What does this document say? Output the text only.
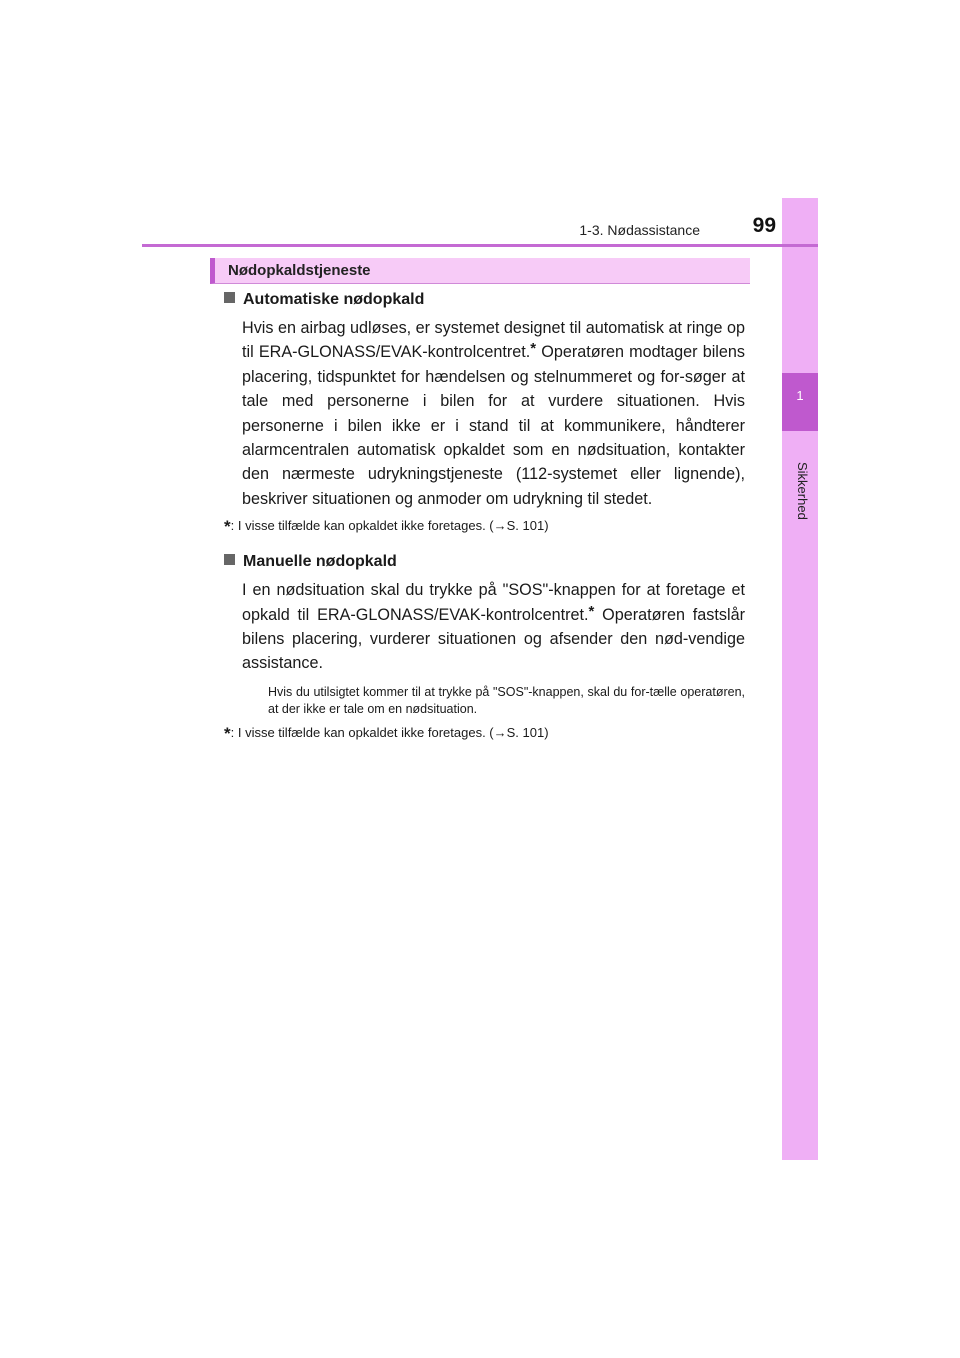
1
Sikkerhed
1-3. Nødassistance	99
Nødopkaldstjeneste
Automatiske nødopkald

Hvis en airbag udløses, er systemet designet til automatisk at ringe op til ERA-GLONASS/EVAK-kontrolcentret.* Operatøren modtager bilens placering, tidspunktet for hændelsen og stelnummeret og for-søger at tale med personerne i bilen for at vurdere situationen. Hvis personerne i bilen ikke er i stand til at kommunikere, håndterer alarmcentralen automatisk opkaldet som en nødsituation, kontakter den nærmeste udrykningstjeneste (112-systemet eller lignende), beskriver situationen og anmoder om udrykning til stedet.

*: I visse tilfælde kan opkaldet ikke foretages. (→S. 101)

Manuelle nødopkald

I en nødsituation skal du trykke på "SOS"-knappen for at foretage et opkald til ERA-GLONASS/EVAK-kontrolcentret.* Operatøren fastslår bilens placering, vurderer situationen og afsender den nød-vendige assistance.

Hvis du utilsigtet kommer til at trykke på "SOS"-knappen, skal du for-tælle operatøren, at der ikke er tale om en nødsituation.

*: I visse tilfælde kan opkaldet ikke foretages. (→S. 101)
